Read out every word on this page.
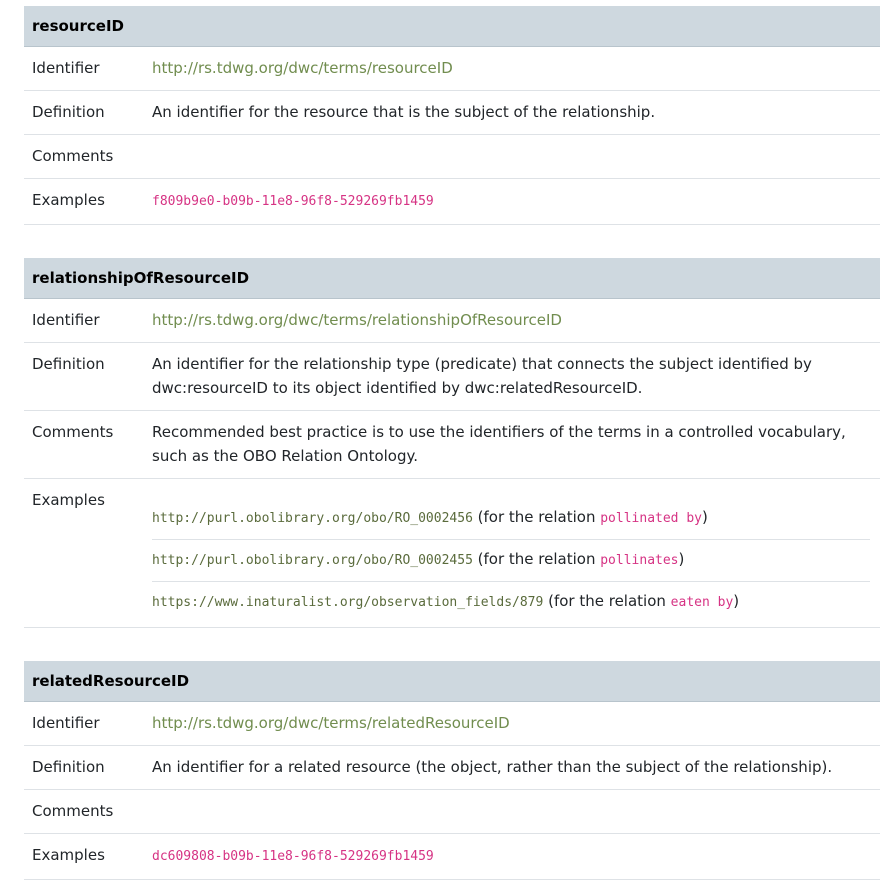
resourceID	
Identifier	http://rs.tdwg.org/dwc/terms/resourceID
Definition	An identifier for the resource that is the subject of the relationship.
Comments	
Examples	f809b9e0-b09b-11e8-96f8-529269fb1459
relationshipOfResourceID	
Identifier	http://rs.tdwg.org/dwc/terms/relationshipOfResourceID
Definition	An identifier for the relationship type (predicate) that connects the subject identified by dwc:resourceID to its object identified by dwc:relatedResourceID.
Comments	Recommended best practice is to use the identifiers of the terms in a controlled vocabulary, such as the OBO Relation Ontology.
Examples	http://purl.obolibrary.org/obo/RO_0002456 (for the relation pollinated by)
http://purl.obolibrary.org/obo/RO_0002455 (for the relation pollinates)
https://www.inaturalist.org/observation_fields/879 (for the relation eaten by)
relatedResourceID	
Identifier	http://rs.tdwg.org/dwc/terms/relatedResourceID
Definition	An identifier for a related resource (the object, rather than the subject of the relationship).
Comments	
Examples	dc609808-b09b-11e8-96f8-529269fb1459
